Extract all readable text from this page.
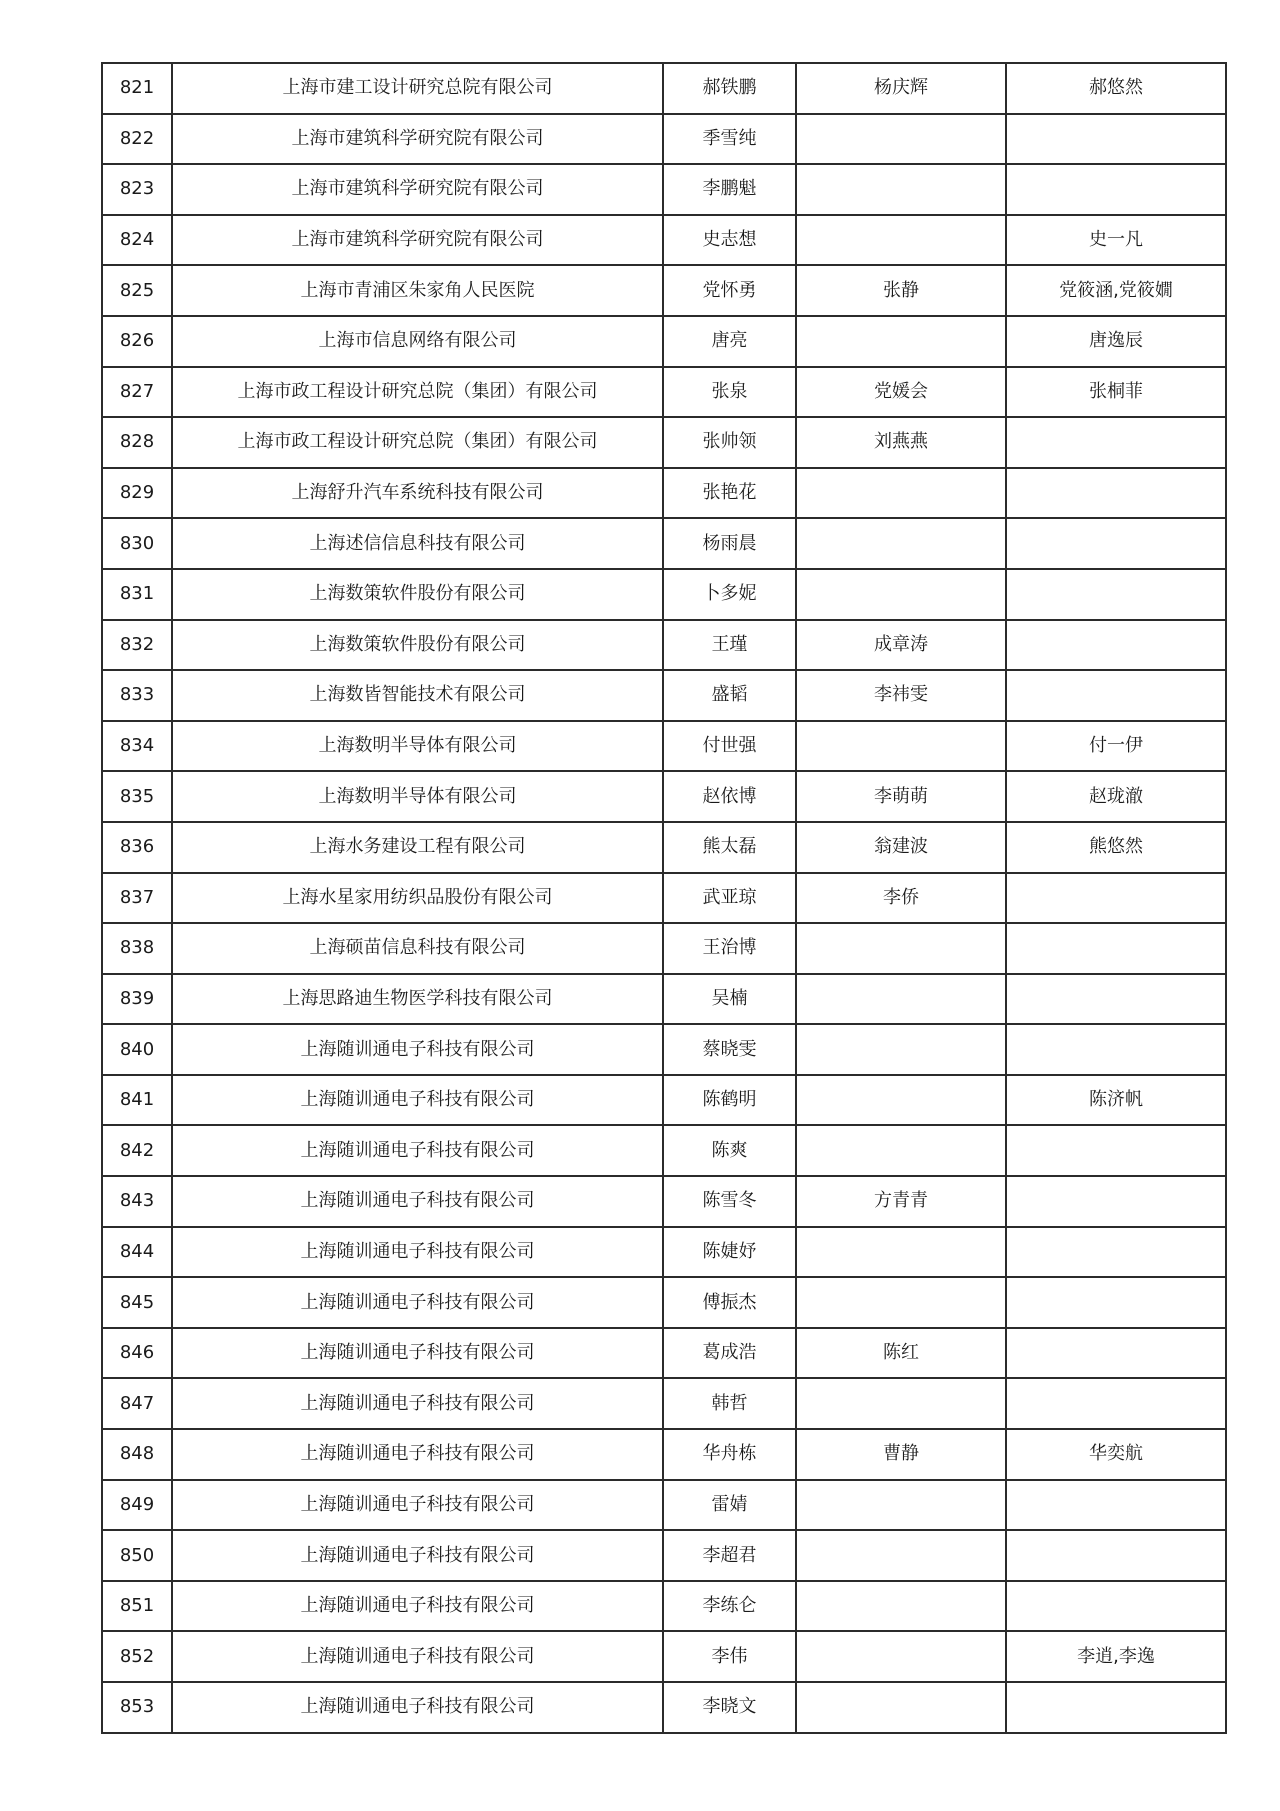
821	上海市建工设计研究总院有限公司	郝铁鹏	杨庆辉	郝悠然
822	上海市建筑科学研究院有限公司	季雪纯		
823	上海市建筑科学研究院有限公司	李鹏魁		
824	上海市建筑科学研究院有限公司	史志想		史一凡
825	上海市青浦区朱家角人民医院	党怀勇	张静	党筱涵,党筱嫺
826	上海市信息网络有限公司	唐亮		唐逸辰
827	上海市政工程设计研究总院（集团）有限公司	张泉	党媛会	张桐菲
828	上海市政工程设计研究总院（集团）有限公司	张帅领	刘燕燕	
829	上海舒升汽车系统科技有限公司	张艳花		
830	上海述信信息科技有限公司	杨雨晨		
831	上海数策软件股份有限公司	卜多妮		
832	上海数策软件股份有限公司	王瑾	成章涛	
833	上海数皆智能技术有限公司	盛韬	李祎雯	
834	上海数明半导体有限公司	付世强		付一伊
835	上海数明半导体有限公司	赵依博	李萌萌	赵珑澈
836	上海水务建设工程有限公司	熊太磊	翁建波	熊悠然
837	上海水星家用纺织品股份有限公司	武亚琼	李侨	
838	上海硕苗信息科技有限公司	王治博		
839	上海思路迪生物医学科技有限公司	吴楠		
840	上海随训通电子科技有限公司	蔡晓雯		
841	上海随训通电子科技有限公司	陈鹤明		陈济帆
842	上海随训通电子科技有限公司	陈爽		
843	上海随训通电子科技有限公司	陈雪冬	方青青	
844	上海随训通电子科技有限公司	陈婕妤		
845	上海随训通电子科技有限公司	傅振杰		
846	上海随训通电子科技有限公司	葛成浩	陈红	
847	上海随训通电子科技有限公司	韩哲		
848	上海随训通电子科技有限公司	华舟栋	曹静	华奕航
849	上海随训通电子科技有限公司	雷婧		
850	上海随训通电子科技有限公司	李超君		
851	上海随训通电子科技有限公司	李练仑		
852	上海随训通电子科技有限公司	李伟		李逍,李逸
853	上海随训通电子科技有限公司	李晓文		
